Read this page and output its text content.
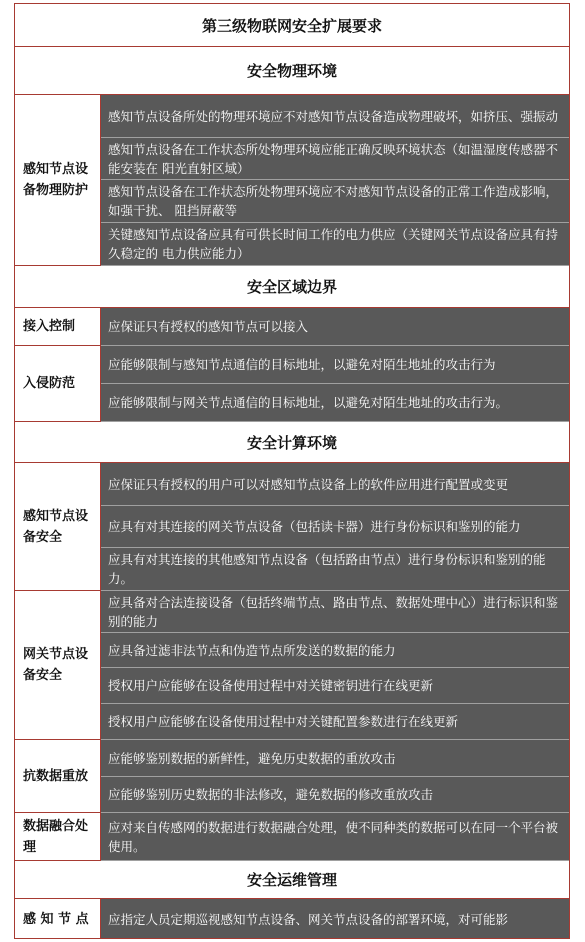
第三级物联网安全扩展要求
安全物理环境
感知节点设备物理防护
感知节点设备所处的物理环境应不对感知节点设备造成物理破坏，如挤压、强振动
感知节点设备在工作状态所处物理环境应能正确反映环境状态（如温湿度传感器不能安装在 阳光直射区域）
感知节点设备在工作状态所处物理环境应不对感知节点设备的正常工作造成影响，如强干扰、 阻挡屏蔽等
关键感知节点设备应具有可供长时间工作的电力供应（关键网关节点设备应具有持久稳定的 电力供应能力）
安全区域边界
接入控制	应保证只有授权的感知节点可以接入
入侵防范
应能够限制与感知节点通信的目标地址，以避免对陌生地址的攻击行为
应能够限制与网关节点通信的目标地址，以避免对陌生地址的攻击行为。
安全计算环境
感知节点设备安全
应保证只有授权的用户可以对感知节点设备上的软件应用进行配置或变更
应具有对其连接的网关节点设备（包括读卡器）进行身份标识和鉴别的能力
应具有对其连接的其他感知节点设备（包括路由节点）进行身份标识和鉴别的能力。
网关节点设备安全
应具备对合法连接设备（包括终端节点、路由节点、数据处理中心）进行标识和鉴别的能力
应具备过滤非法节点和伪造节点所发送的数据的能力
授权用户应能够在设备使用过程中对关键密钥进行在线更新
授权用户应能够在设备使用过程中对关键配置参数进行在线更新
抗数据重放
应能够鉴别数据的新鲜性，避免历史数据的重放攻击
应能够鉴别历史数据的非法修改，避免数据的修改重放攻击
数据融合处理
应对来自传感网的数据进行数据融合处理，使不同种类的数据可以在同一个平台被使用。
安全运维管理
感 知 节 点	应指定人员定期巡视感知节点设备、网关节点设备的部署环境，对可能影
